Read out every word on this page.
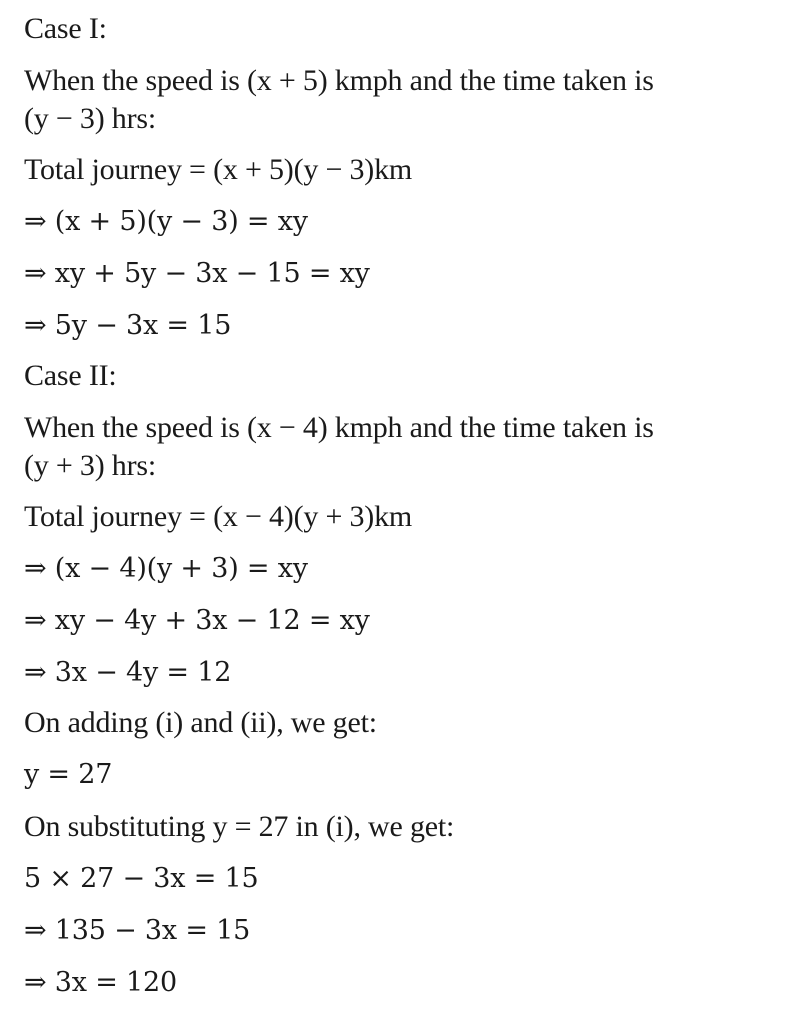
Case I:
When the speed is (x + 5) kmph and the time taken is
(y − 3) hrs:
Total journey = (x + 5)(y − 3)km
⇒ (x + 5)(y − 3) = xy
⇒ xy + 5y − 3x − 15 = xy
⇒ 5y − 3x = 15
Case II:
When the speed is (x − 4) kmph and the time taken is
(y + 3) hrs:
Total journey = (x − 4)(y + 3)km
⇒ (x − 4)(y + 3) = xy
⇒ xy − 4y + 3x − 12 = xy
⇒ 3x − 4y = 12
On adding (i) and (ii), we get:
y = 27
On substituting y = 27 in (i), we get:
5 × 27 − 3x = 15
⇒ 135 − 3x = 15
⇒ 3x = 120
